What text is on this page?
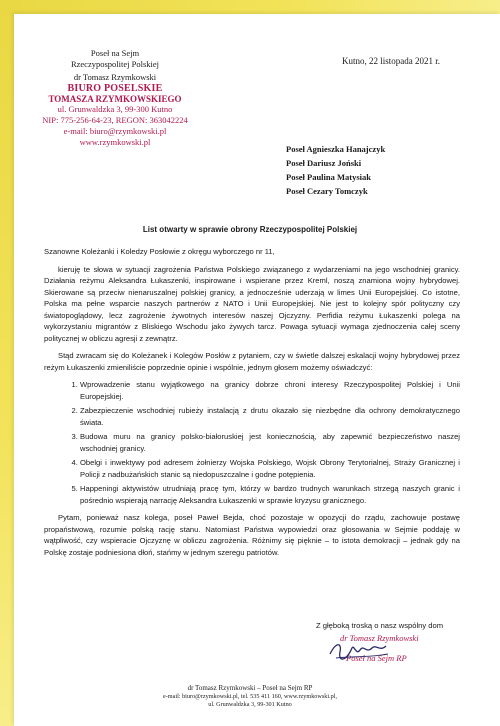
Poseł na Sejm
Rzeczypospolitej Polskiej
dr Tomasz Rzymkowski
BIURO POSELSKIE
TOMASZA RZYMKOWSKIEGO
ul. Grunwaldzka 3, 99-300 Kutno
NIP: 775-256-64-23, REGON: 363042224
e-mail: biuro@rzymkowski.pl
www.rzymkowski.pl
Kutno, 22 listopada 2021 r.
Poseł Agnieszka Hanajczyk
Poseł Dariusz Joński
Poseł Paulina Matysiak
Poseł Cezary Tomczyk
List otwarty w sprawie obrony Rzeczypospolitej Polskiej

Szanowne Koleżanki i Koledzy Posłowie z okręgu wyborczego nr 11,

kieruję te słowa w sytuacji zagrożenia Państwa Polskiego związanego z wydarzeniami na jego wschodniej granicy. Działania reżymu Aleksandra Łukaszenki, inspirowane i wspierane przez Kreml, noszą znamiona wojny hybrydowej. Skierowane są przeciw nienaruszalnej polskiej granicy, a jednocześnie uderzają w limes Unii Europejskiej. Co istotne, Polska ma pełne wsparcie naszych partnerów z NATO i Unii Europejskiej. Nie jest to kolejny spór polityczny czy światopoglądowy, lecz zagrożenie żywotnych interesów naszej Ojczyzny. Perfidia reżymu Łukaszenki polega na wykorzystaniu migrantów z Bliskiego Wschodu jako żywych tarcz. Powaga sytuacji wymaga zjednoczenia całej sceny politycznej w obliczu agresji z zewnątrz.

Stąd zwracam się do Koleżanek i Kolegów Posłów z pytaniem, czy w świetle dalszej eskalacji wojny hybrydowej przez reżym Łukaszenki zmieniliście poprzednie opinie i wspólnie, jednym głosem możemy oświadczyć:

1. Wprowadzenie stanu wyjątkowego na granicy dobrze chroni interesy Rzeczypospolitej Polskiej i Unii Europejskiej.
2. Zabezpieczenie wschodniej rubieży instalacją z drutu okazało się niezbędne dla ochrony demokratycznego świata.
3. Budowa muru na granicy polsko-białoruskiej jest koniecznością, aby zapewnić bezpieczeństwo naszej wschodniej granicy.
4. Obelgi i inwektywy pod adresem żołnierzy Wojska Polskiego, Wojsk Obrony Terytorialnej, Straży Granicznej i Policji z nadbużańskich stanic są niedopuszczalne i godne potępienia.
5. Happeningi aktywistów utrudniają pracę tym, którzy w bardzo trudnych warunkach strzegą naszych granic i pośrednio wspierają narrację Aleksandra Łukaszenki w sprawie kryzysu granicznego.

Pytam, ponieważ nasz kolega, poseł Paweł Bejda, choć pozostaje w opozycji do rządu, zachowuje postawę propaństwową, rozumie polską rację stanu. Natomiast Państwa wypowiedzi oraz głosowania w Sejmie poddaję w wątpliwość, czy wspieracie Ojczyznę w obliczu zagrożenia. Różnimy się pięknie – to istota demokracji – jednak gdy na Polskę zostaje podniesiona dłoń, stańmy w jednym szeregu patriotów.

Z głęboką troską o nasz wspólny dom
dr Tomasz Rzymkowski
Poseł na Sejm RP
dr Tomasz Rzymkowski – Poseł na Sejm RP
e-mail: biuro@rzymkowski.pl, tel. 535 411 160, www.rzymkowski.pl,
ul. Grunwaldzka 3, 99-301 Kutno
